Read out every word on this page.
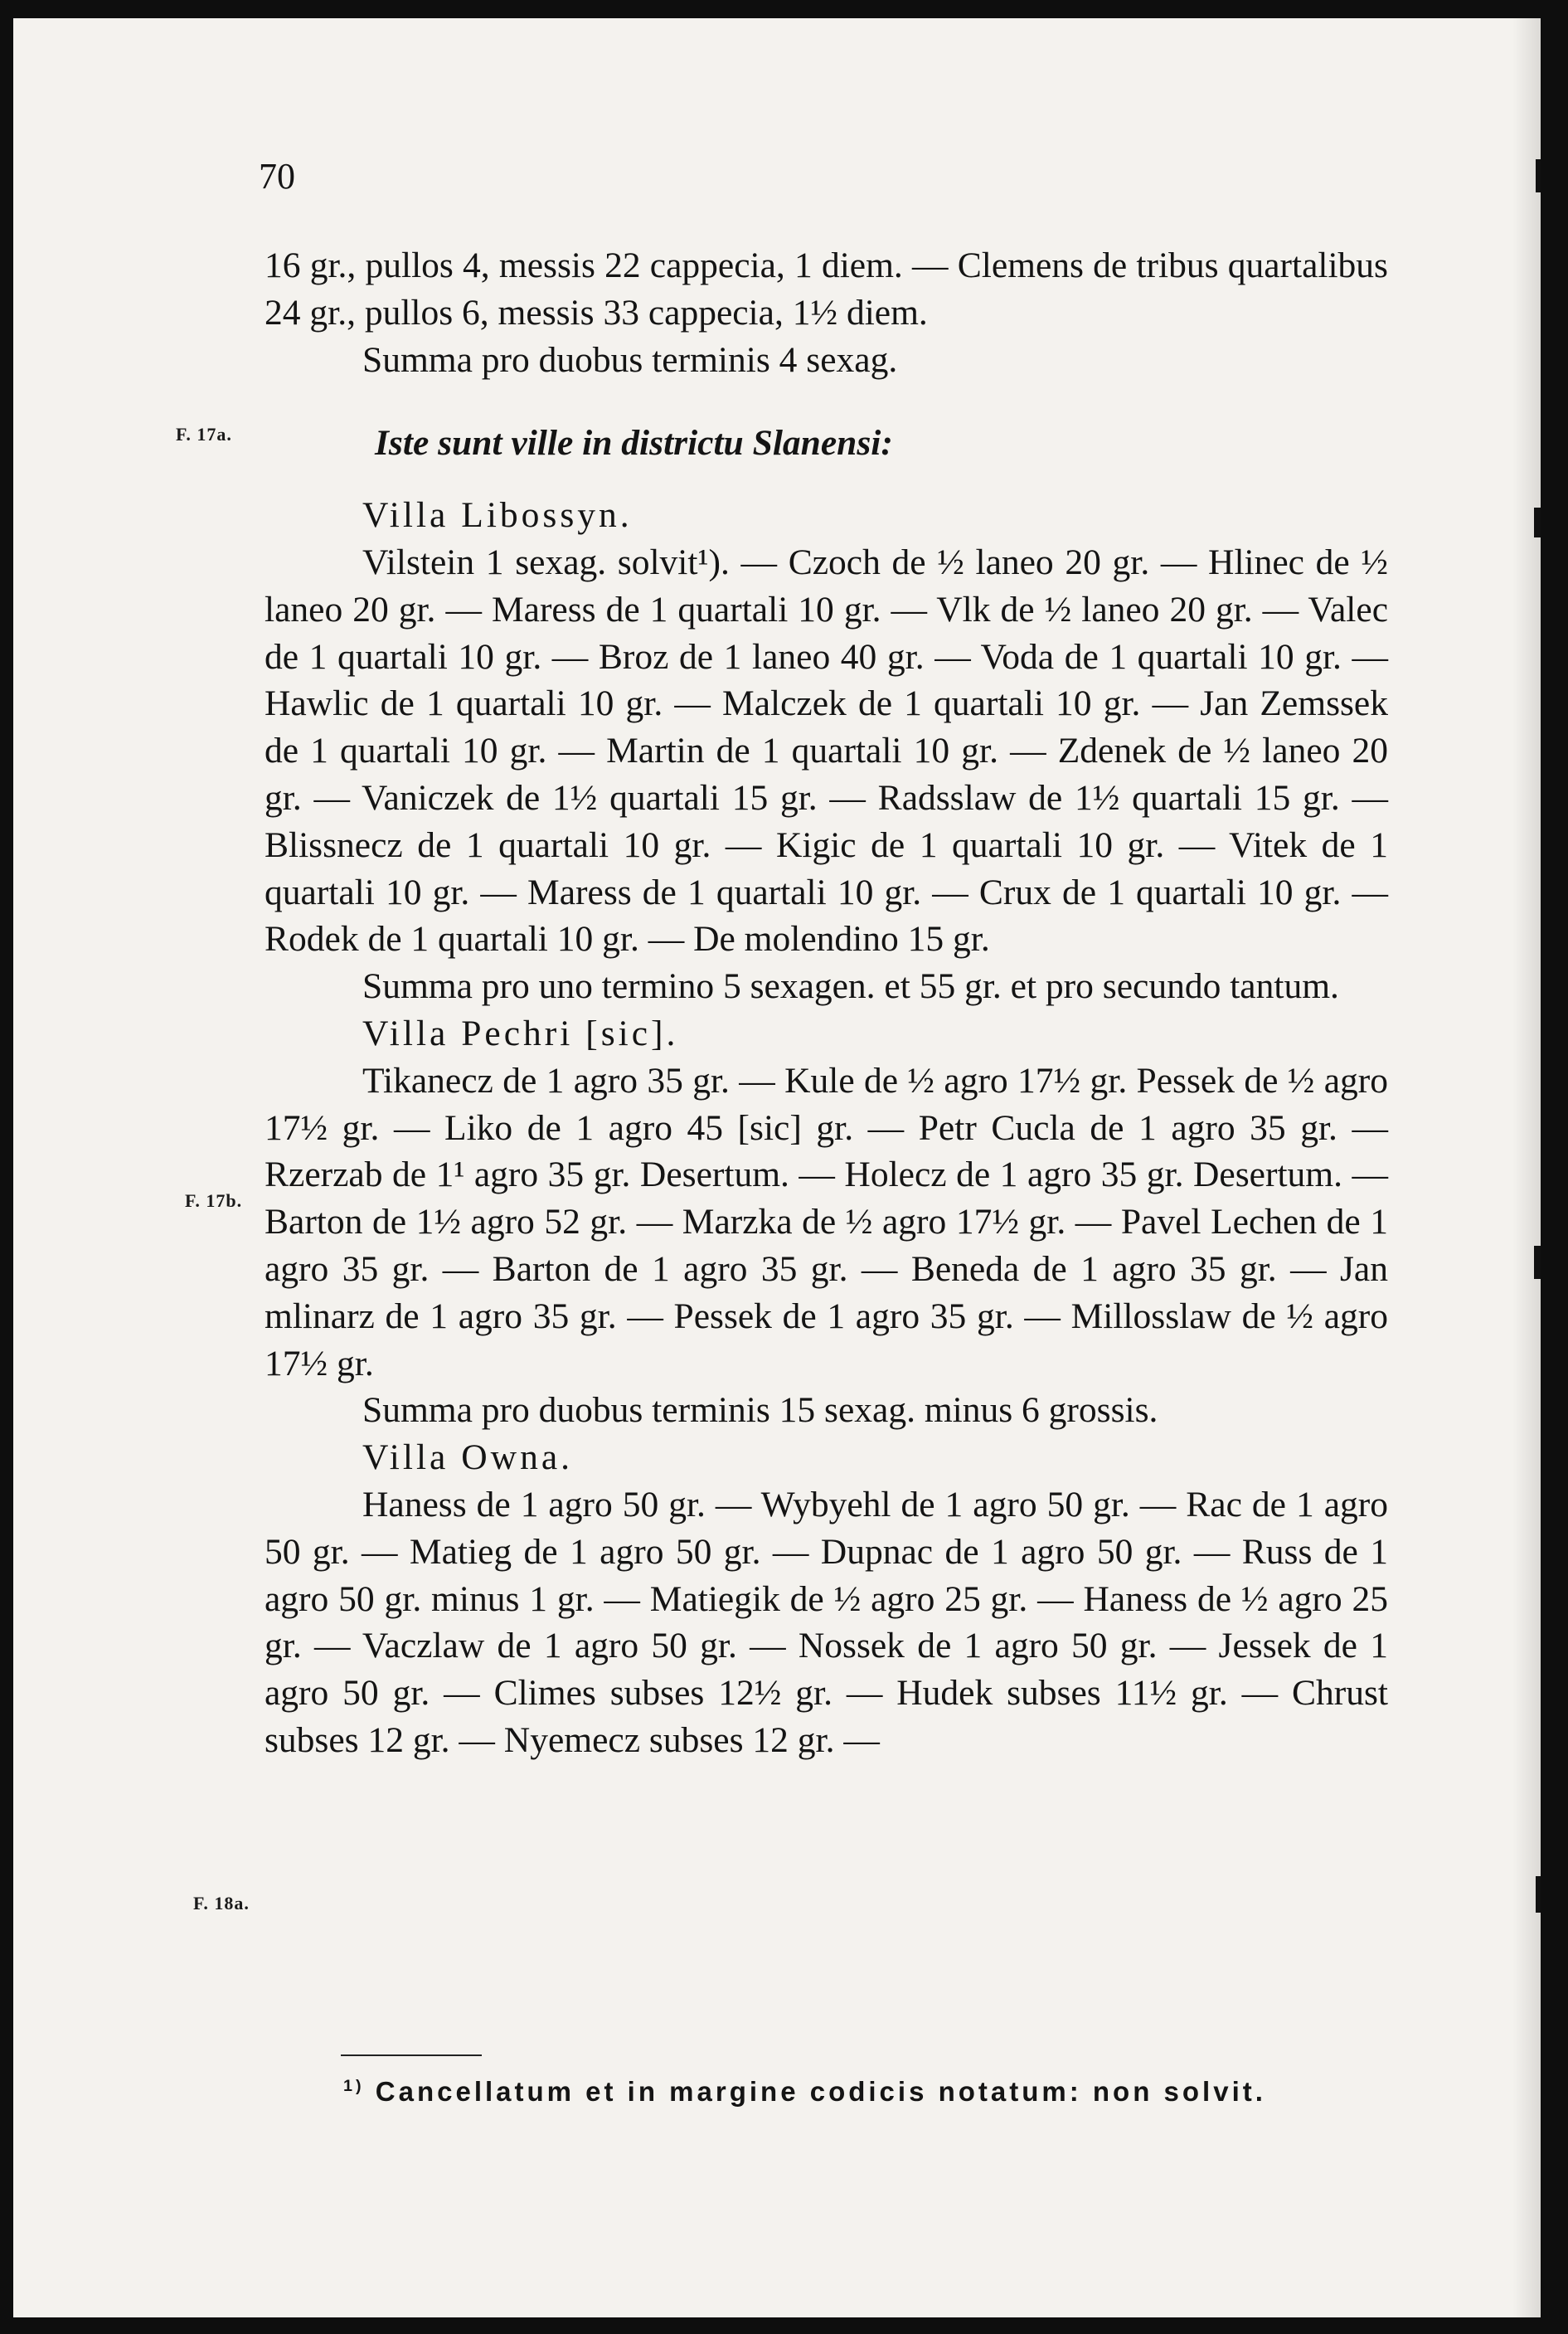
70
F. 17a.
F. 17b.
F. 18a.

16 gr., pullos 4, messis 22 cappecia, 1 diem. — Clemens de tribus quartalibus 24 gr., pullos 6, messis 33 cappecia, 1½ diem.

Summa pro duobus terminis 4 sexag.

Iste sunt ville in districtu Slanensi:

Villa Libossyn.

Vilstein 1 sexag. solvit¹). — Czoch de ½ laneo 20 gr. — Hlinec de ½ laneo 20 gr. — Maress de 1 quartali 10 gr. — Vlk de ½ laneo 20 gr. — Valec de 1 quartali 10 gr. — Broz de 1 laneo 40 gr. — Voda de 1 quartali 10 gr. — Hawlic de 1 quartali 10 gr. — Malczek de 1 quartali 10 gr. — Jan Zemssek de 1 quartali 10 gr. — Martin de 1 quartali 10 gr. — Zdenek de ½ laneo 20 gr. — Vaniczek de 1½ quartali 15 gr. — Radsslaw de 1½ quartali 15 gr. — Blissnecz de 1 quartali 10 gr. — Kigic de 1 quartali 10 gr. — Vitek de 1 quartali 10 gr. — Maress de 1 quartali 10 gr. — Crux de 1 quartali 10 gr. — Rodek de 1 quartali 10 gr. — De molendino 15 gr.

Summa pro uno termino 5 sexagen. et 55 gr. et pro secundo tantum.

Villa Pechri [sic].

Tikanecz de 1 agro 35 gr. — Kule de ½ agro 17½ gr. Pessek de ½ agro 17½ gr. — Liko de 1 agro 45 [sic] gr. — Petr Cucla de 1 agro 35 gr. — Rzerzab de 1¹ agro 35 gr. Desertum. — Holecz de 1 agro 35 gr. Desertum. — Barton de 1½ agro 52 gr. — Marzka de ½ agro 17½ gr. — Pavel Lechen de 1 agro 35 gr. — Barton de 1 agro 35 gr. — Beneda de 1 agro 35 gr. — Jan mlinarz de 1 agro 35 gr. — Pessek de 1 agro 35 gr. — Millosslaw de ½ agro 17½ gr.

Summa pro duobus terminis 15 sexag. minus 6 grossis.

Villa Owna.

Haness de 1 agro 50 gr. — Wybyehl de 1 agro 50 gr. — Rac de 1 agro 50 gr. — Matieg de 1 agro 50 gr. — Dupnac de 1 agro 50 gr. — Russ de 1 agro 50 gr. minus 1 gr. — Matiegik de ½ agro 25 gr. — Haness de ½ agro 25 gr. — Vaczlaw de 1 agro 50 gr. — Nossek de 1 agro 50 gr. — Jessek de 1 agro 50 gr. — Climes subses 12½ gr. — Hudek subses 11½ gr. — Chrust subses 12 gr. — Nyemecz subses 12 gr. —

$^{1)}$ Cancellatum et in margine codicis notatum: non solvit.
